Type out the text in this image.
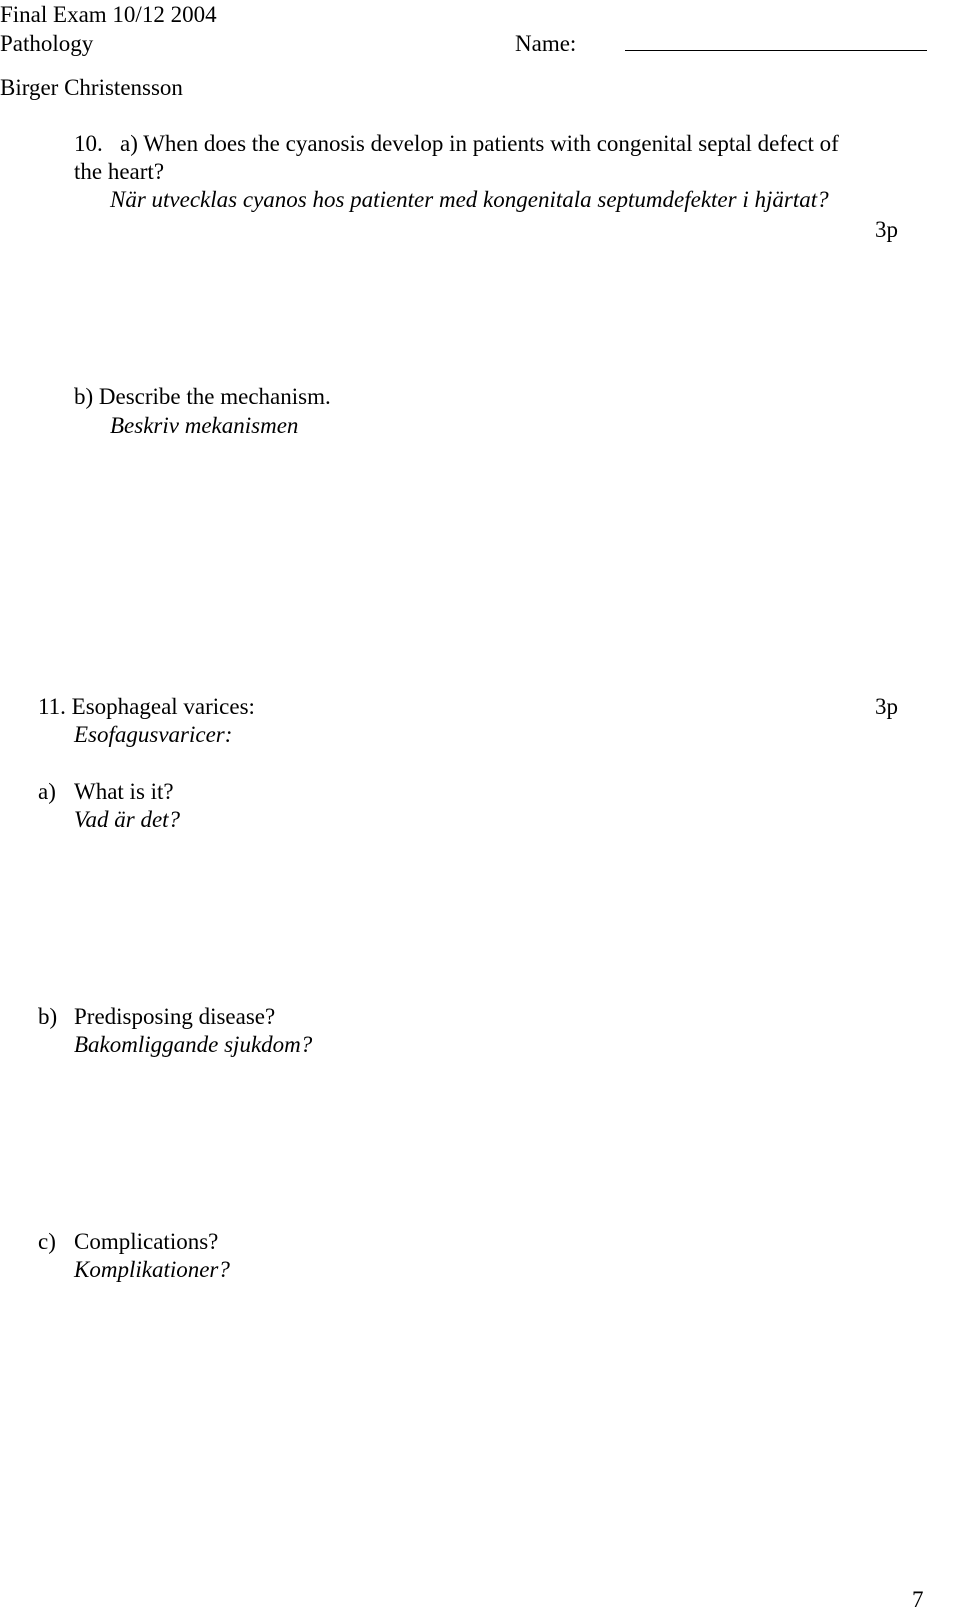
Final Exam 10/12 2004
Pathology	Name:
Birger Christensson
10. a) When does the cyanosis develop in patients with congenital septal defect of
the heart?
När utvecklas cyanos hos patienter med kongenitala septumdefekter i hjärtat?
3p
b) Describe the mechanism.
Beskriv mekanismen
11. Esophageal varices:	3p
Esofagusvaricer:
a) What is it?
Vad är det?
b) Predisposing disease?
Bakomliggande sjukdom?
c) Complications?
Komplikationer?
7
